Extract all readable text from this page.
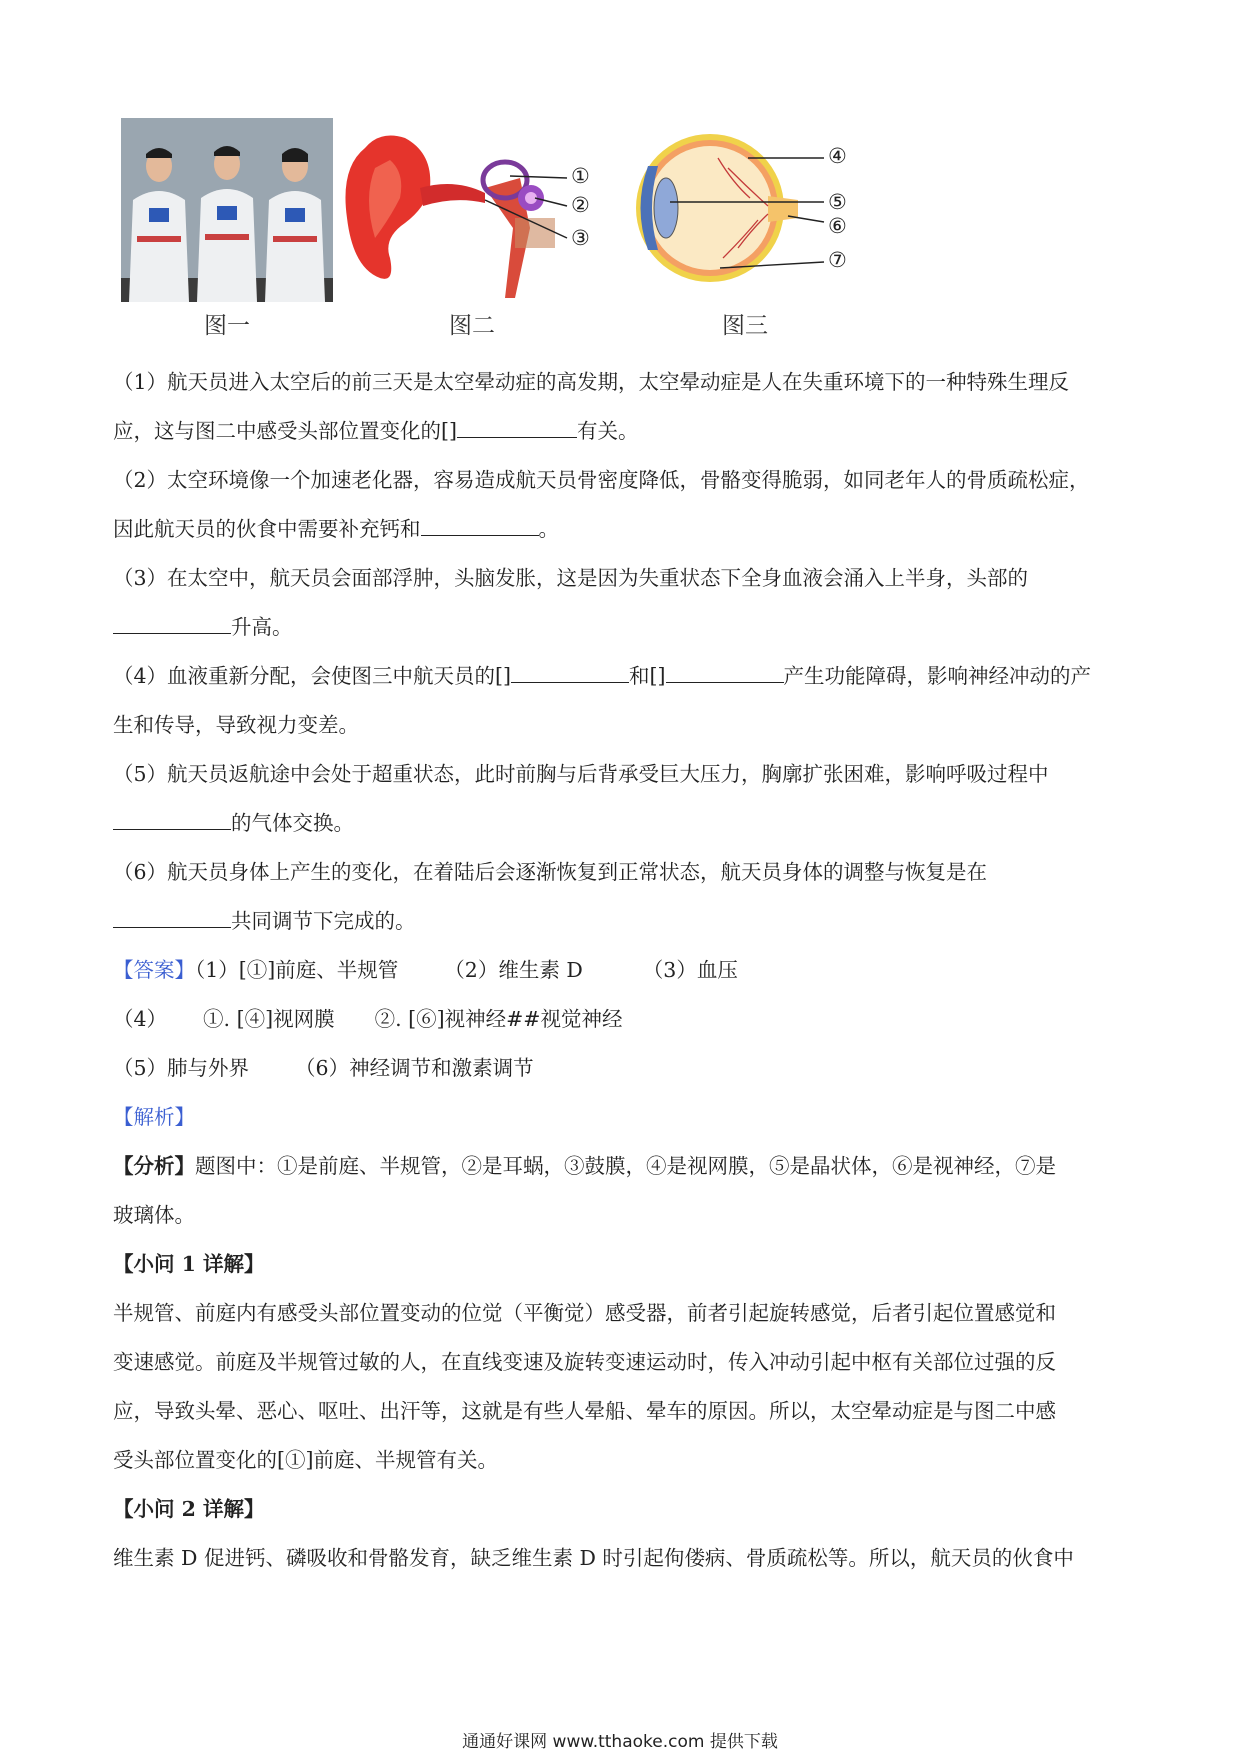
①
②
③
④
⑤
⑥
⑦
图一	图二	图三
（1）航天员进入太空后的前三天是太空晕动症的高发期，太空晕动症是人在失重环境下的一种特殊生理反
应，这与图二中感受头部位置变化的[]	有关。
（2）太空环境像一个加速老化器，容易造成航天员骨密度降低，骨骼变得脆弱，如同老年人的骨质疏松症，
因此航天员的伙食中需要补充钙和	。
（3）在太空中，航天员会面部浮肿，头脑发胀，这是因为失重状态下全身血液会涌入上半身，头部的
升高。
（4）血液重新分配，会使图三中航天员的[]	和[]	产生功能障碍，影响神经冲动的产
生和传导，导致视力变差。
（5）航天员返航途中会处于超重状态，此时前胸与后背承受巨大压力，胸廓扩张困难，影响呼吸过程中
的气体交换。
（6）航天员身体上产生的变化，在着陆后会逐渐恢复到正常状态，航天员身体的调整与恢复是在
共同调节下完成的。
【答案】（1）[①]前庭、半规管 （2）维生素 D	（3）血压
（4） ①. [④]视网膜 ②. [⑥]视神经##视觉神经
（5）肺与外界 （6）神经调节和激素调节
【解析】
【分析】题图中：①是前庭、半规管，②是耳蜗，③鼓膜，④是视网膜，⑤是晶状体，⑥是视神经，⑦是
玻璃体。
【小问 1 详解】
半规管、前庭内有感受头部位置变动的位觉（平衡觉）感受器，前者引起旋转感觉，后者引起位置感觉和
变速感觉。前庭及半规管过敏的人，在直线变速及旋转变速运动时，传入冲动引起中枢有关部位过强的反
应，导致头晕、恶心、呕吐、出汗等，这就是有些人晕船、晕车的原因。所以，太空晕动症是与图二中感
受头部位置变化的[①]前庭、半规管有关。
【小问 2 详解】
维生素 D 促进钙、磷吸收和骨骼发育，缺乏维生素 D 时引起佝偻病、骨质疏松等。所以，航天员的伙食中
通通好课网 www.tthaoke.com 提供下载
